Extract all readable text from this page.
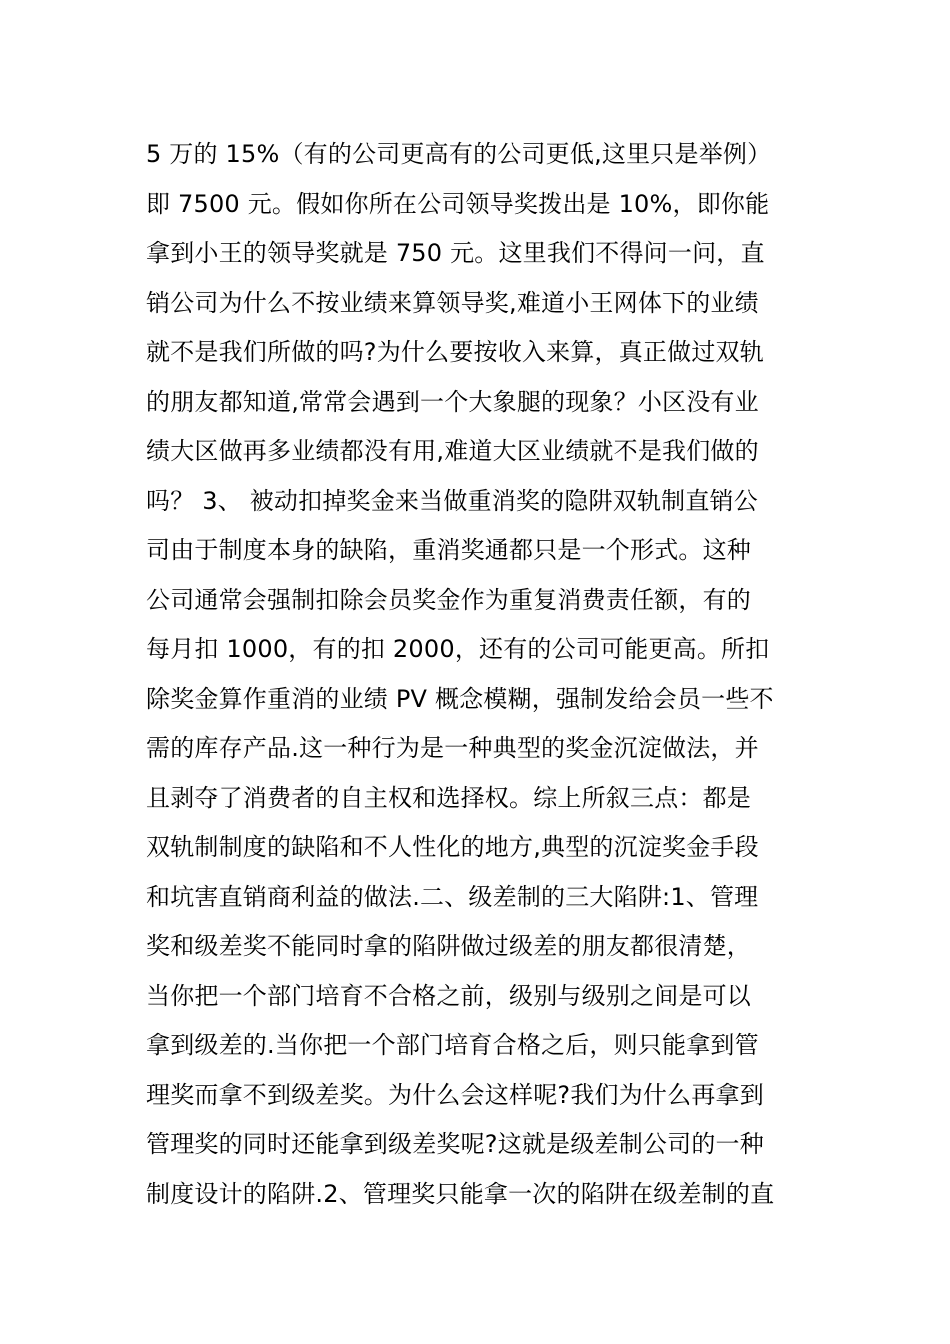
5 万的 15%（有的公司更高有的公司更低,这里只是举例）
即 7500 元。假如你所在公司领导奖拨出是 10%，即你能
拿到小王的领导奖就是 750 元。这里我们不得问一问，直
销公司为什么不按业绩来算领导奖,难道小王网体下的业绩
就不是我们所做的吗?为什么要按收入来算，真正做过双轨
的朋友都知道,常常会遇到一个大象腿的现象？小区没有业
绩大区做再多业绩都没有用,难道大区业绩就不是我们做的
吗？ 3、 被动扣掉奖金来当做重消奖的隐阱双轨制直销公
司由于制度本身的缺陷，重消奖通都只是一个形式。这种
公司通常会强制扣除会员奖金作为重复消费责任额，有的
每月扣 1000，有的扣 2000，还有的公司可能更高。所扣
除奖金算作重消的业绩 PV 概念模糊，强制发给会员一些不
需的库存产品.这一种行为是一种典型的奖金沉淀做法，并
且剥夺了消费者的自主权和选择权。综上所叙三点：都是
双轨制制度的缺陷和不人性化的地方,典型的沉淀奖金手段
和坑害直销商利益的做法.二、级差制的三大陷阱:1、管理
奖和级差奖不能同时拿的陷阱做过级差的朋友都很清楚，
当你把一个部门培育不合格之前，级别与级别之间是可以
拿到级差的.当你把一个部门培育合格之后，则只能拿到管
理奖而拿不到级差奖。为什么会这样呢?我们为什么再拿到
管理奖的同时还能拿到级差奖呢?这就是级差制公司的一种
制度设计的陷阱.2、管理奖只能拿一次的陷阱在级差制的直
